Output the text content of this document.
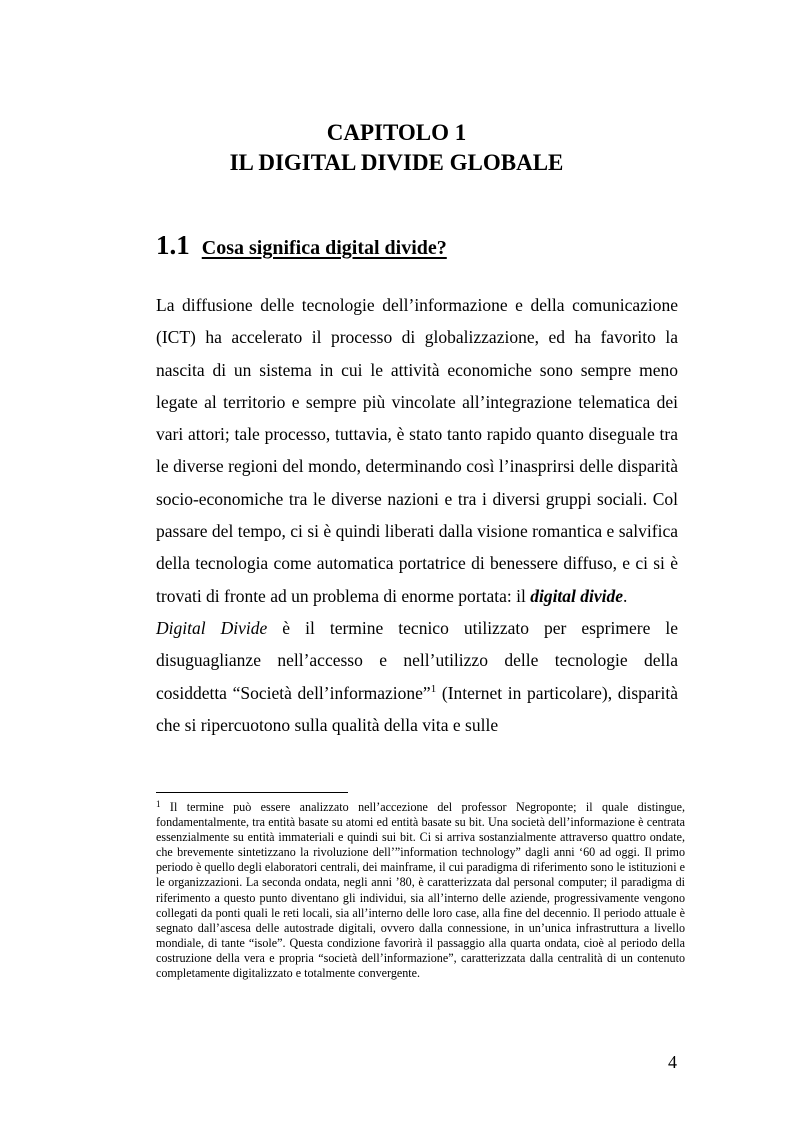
CAPITOLO 1
IL DIGITAL DIVIDE GLOBALE
1.1 Cosa significa digital divide?

La diffusione delle tecnologie dell’informazione e della comunicazione (ICT) ha accelerato il processo di globalizzazione, ed ha favorito la nascita di un sistema in cui le attività economiche sono sempre meno legate al territorio e sempre più vincolate all’integrazione telematica dei vari attori; tale processo, tuttavia, è stato tanto rapido quanto diseguale tra le diverse regioni del mondo, determinando così l’inasprirsi delle disparità socio-economiche tra le diverse nazioni e tra i diversi gruppi sociali. Col passare del tempo, ci si è quindi liberati dalla visione romantica e salvifica della tecnologia come automatica portatrice di benessere diffuso, e ci si è trovati di fronte ad un problema di enorme portata: il digital divide.

Digital Divide è il termine tecnico utilizzato per esprimere le disuguaglianze nell’accesso e nell’utilizzo delle tecnologie della cosiddetta “Società dell’informazione”$^1$ (Internet in particolare), disparità che si ripercuotono sulla qualità della vita e sulle

$^1$ Il termine può essere analizzato nell’accezione del professor Negroponte; il quale distingue, fondamentalmente, tra entità basate su atomi ed entità basate su bit. Una società dell’informazione è centrata essenzialmente su entità immateriali e quindi sui bit. Ci si arriva sostanzialmente attraverso quattro ondate, che brevemente sintetizzano la rivoluzione dell’”information technology” dagli anni ‘60 ad oggi. Il primo periodo è quello degli elaboratori centrali, dei mainframe, il cui paradigma di riferimento sono le istituzioni e le organizzazioni. La seconda ondata, negli anni ’80, è caratterizzata dal personal computer; il paradigma di riferimento a questo punto diventano gli individui, sia all’interno delle aziende, progressivamente vengono collegati da ponti quali le reti locali, sia all’interno delle loro case, alla fine del decennio. Il periodo attuale è segnato dall’ascesa delle autostrade digitali, ovvero dalla connessione, in un’unica infrastruttura a livello mondiale, di tante “isole”. Questa condizione favorirà il passaggio alla quarta ondata, cioè al periodo della costruzione della vera e propria “società dell’informazione”, caratterizzata dalla centralità di un contenuto completamente digitalizzato e totalmente convergente.

4
